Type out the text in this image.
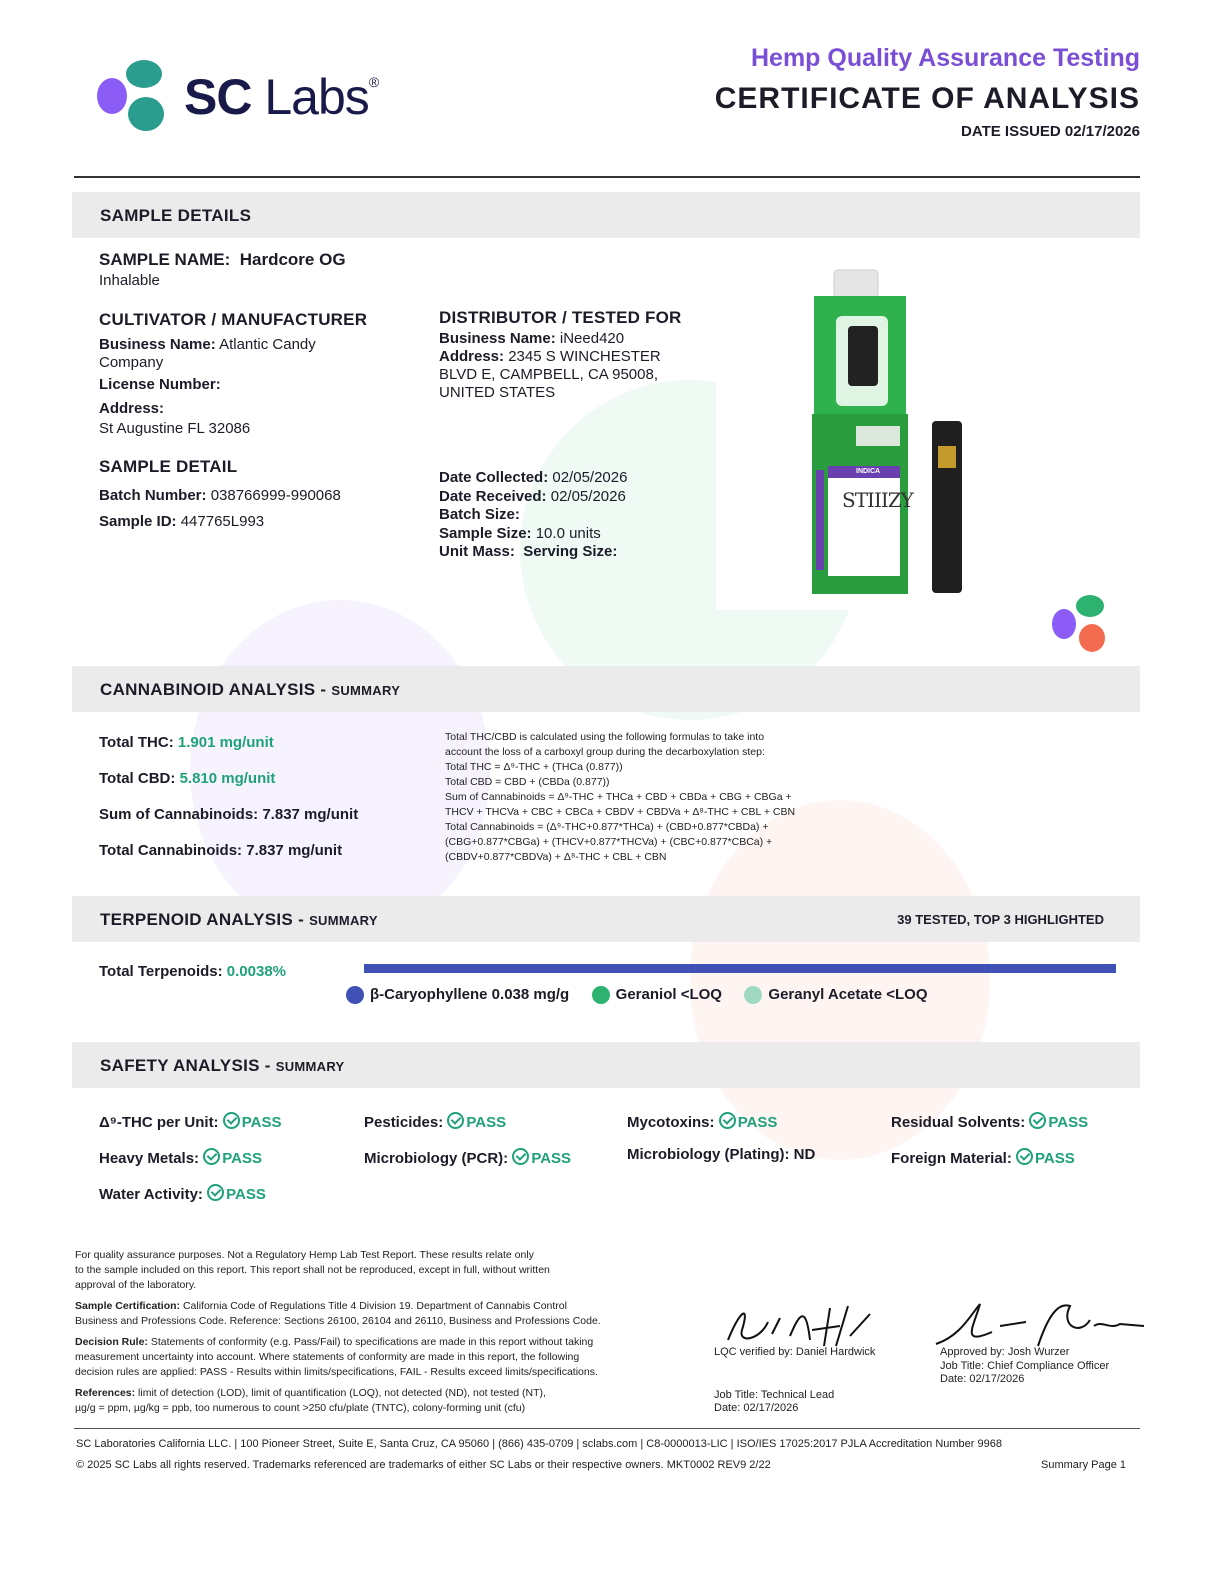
SC Labs®
Hemp Quality Assurance Testing
CERTIFICATE OF ANALYSIS
DATE ISSUED 02/17/2026
SAMPLE DETAILS
SAMPLE NAME: Hardcore OG
Inhalable
CULTIVATOR / MANUFACTURER
Business Name: Atlantic Candy
Company
License Number:
Address:
St Augustine FL 32086
SAMPLE DETAIL
Batch Number: 038766999-990068
Sample ID: 447765L993
DISTRIBUTOR / TESTED FOR
Business Name: iNeed420
Address: 2345 S WINCHESTER
BLVD E, CAMPBELL, CA 95008,
UNITED STATES
Date Collected: 02/05/2026
Date Received: 02/05/2026
Batch Size:
Sample Size: 10.0 units
Unit Mass: Serving Size:
STIIIZY
INDICA
CANNABINOID ANALYSIS - SUMMARY
Total THC: 1.901 mg/unit
Total CBD: 5.810 mg/unit
Sum of Cannabinoids: 7.837 mg/unit
Total Cannabinoids: 7.837 mg/unit
Total THC/CBD is calculated using the following formulas to take into
account the loss of a carboxyl group during the decarboxylation step:
Total THC = Δ⁹-THC + (THCa (0.877))
Total CBD = CBD + (CBDa (0.877))
Sum of Cannabinoids = Δ⁹-THC + THCa + CBD + CBDa + CBG + CBGa +
THCV + THCVa + CBC + CBCa + CBDV + CBDVa + Δ⁸-THC + CBL + CBN
Total Cannabinoids = (Δ⁹-THC+0.877*THCa) + (CBD+0.877*CBDa) +
(CBG+0.877*CBGa) + (THCV+0.877*THCVa) + (CBC+0.877*CBCa) +
(CBDV+0.877*CBDVa) + Δ⁸-THC + CBL + CBN
TERPENOID ANALYSIS - SUMMARY	39 TESTED, TOP 3 HIGHLIGHTED
Total Terpenoids: 0.0038%
β-Caryophyllene 0.038 mg/g	Geraniol <LOQ	Geranyl Acetate <LOQ
SAFETY ANALYSIS - SUMMARY
Δ⁹-THC per Unit: PASS	Pesticides: PASS	Mycotoxins: PASS	Residual Solvents: PASS
Heavy Metals: PASS	Microbiology (PCR): PASS	Microbiology (Plating): ND	Foreign Material: PASS
Water Activity: PASS
For quality assurance purposes. Not a Regulatory Hemp Lab Test Report. These results relate only
to the sample included on this report. This report shall not be reproduced, except in full, without written
approval of the laboratory.
Sample Certification: California Code of Regulations Title 4 Division 19. Department of Cannabis Control
Business and Professions Code. Reference: Sections 26100, 26104 and 26110, Business and Professions Code.
Decision Rule: Statements of conformity (e.g. Pass/Fail) to specifications are made in this report without taking
measurement uncertainty into account. Where statements of conformity are made in this report, the following
decision rules are applied: PASS - Results within limits/specifications, FAIL - Results exceed limits/specifications.
References: limit of detection (LOD), limit of quantification (LOQ), not detected (ND), not tested (NT),
µg/g = ppm, µg/kg = ppb, too numerous to count >250 cfu/plate (TNTC), colony-forming unit (cfu)
LQC verified by: Daniel Hardwick
Job Title: Technical Lead
Date: 02/17/2026
Approved by: Josh Wurzer
Job Title: Chief Compliance Officer
Date: 02/17/2026
SC Laboratories California LLC. | 100 Pioneer Street, Suite E, Santa Cruz, CA 95060 | (866) 435-0709 | sclabs.com | C8-0000013-LIC | ISO/IES 17025:2017 PJLA Accreditation Number 9968
© 2025 SC Labs all rights reserved. Trademarks referenced are trademarks of either SC Labs or their respective owners. MKT0002 REV9 2/22	Summary Page 1
